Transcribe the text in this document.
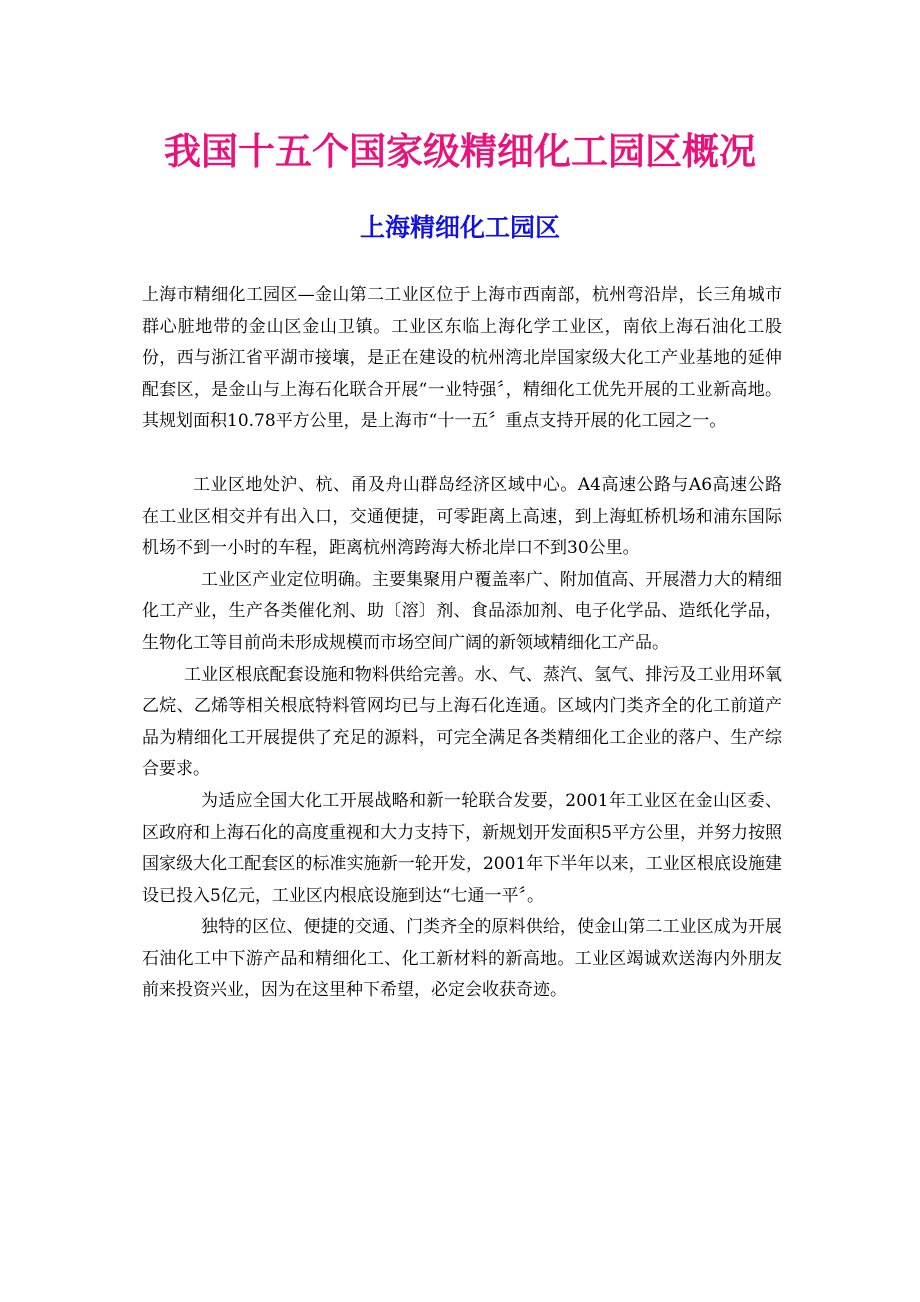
我国十五个国家级精细化工园区概况
上海精细化工园区

上海市精细化工园区—金山第二工业区位于上海市西南部，杭州弯沿岸，长三角城市群心脏地带的金山区金山卫镇。工业区东临上海化学工业区，南依上海石油化工股份，西与浙江省平湖市接壤，是正在建设的杭州湾北岸国家级大化工产业基地的延伸配套区，是金山与上海石化联合开展“一业特强〞，精细化工优先开展的工业新高地。其规划面积10.78平方公里，是上海市“十一五〞重点支持开展的化工园之一。

工业区地处沪、杭、甬及舟山群岛经济区域中心。A4高速公路与A6高速公路在工业区相交并有出入口，交通便捷，可零距离上高速，到上海虹桥机场和浦东国际机场不到一小时的车程，距离杭州湾跨海大桥北岸口不到30公里。

工业区产业定位明确。主要集聚用户覆盖率广、附加值高、开展潜力大的精细化工产业，生产各类催化剂、助〔溶〕剂、食品添加剂、电子化学品、造纸化学品，生物化工等目前尚未形成规模而市场空间广阔的新领域精细化工产品。

工业区根底配套设施和物料供给完善。水、气、蒸汽、氢气、排污及工业用环氧乙烷、乙烯等相关根底特料管网均已与上海石化连通。区域内门类齐全的化工前道产品为精细化工开展提供了充足的源料，可完全满足各类精细化工企业的落户、生产综合要求。

为适应全国大化工开展战略和新一轮联合发要，2001年工业区在金山区委、区政府和上海石化的高度重视和大力支持下，新规划开发面积5平方公里，并努力按照国家级大化工配套区的标准实施新一轮开发，2001年下半年以来，工业区根底设施建设已投入5亿元，工业区内根底设施到达“七通一平〞。

独特的区位、便捷的交通、门类齐全的原料供给，使金山第二工业区成为开展石油化工中下游产品和精细化工、化工新材料的新高地。工业区竭诚欢送海内外朋友前来投资兴业，因为在这里种下希望，必定会收获奇迹。
